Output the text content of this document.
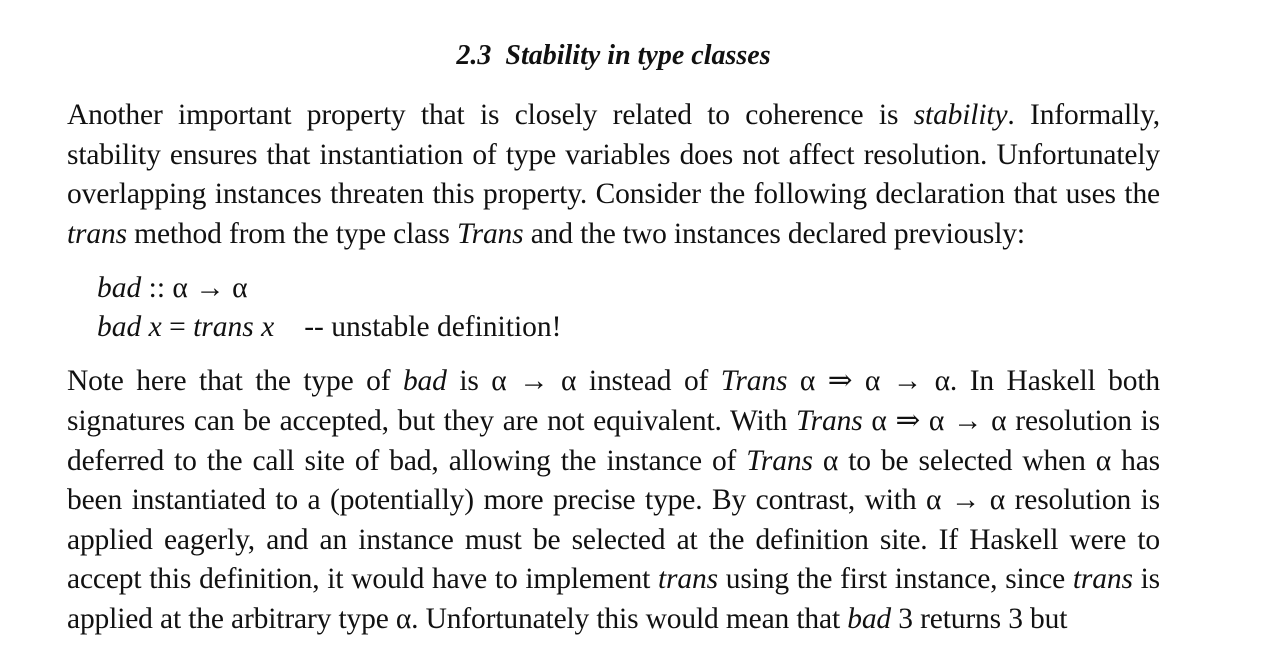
2.3 Stability in type classes

Another important property that is closely related to coherence is stability. Informally, stability ensures that instantiation of type variables does not affect resolution. Unfortunately overlapping instances threaten this property. Consider the following declaration that uses the trans method from the type class Trans and the two instances declared previously:

bad :: α → α
bad x = trans x -- unstable definition!

Note here that the type of bad is α → α instead of Trans α ⇒ α → α. In Haskell both signatures can be accepted, but they are not equivalent. With Trans α ⇒ α → α resolution is deferred to the call site of bad, allowing the instance of Trans α to be selected when α has been instantiated to a (potentially) more precise type. By contrast, with α → α resolution is applied eagerly, and an instance must be selected at the definition site. If Haskell were to accept this definition, it would have to implement trans using the first instance, since trans is applied at the arbitrary type α. Unfortunately this would mean that bad 3 returns 3 but
